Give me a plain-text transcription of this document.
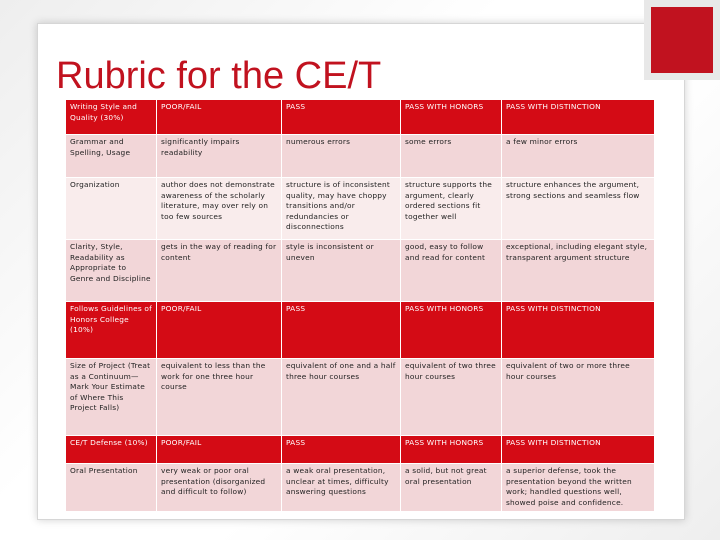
Rubric for the CE/T
Writing Style and Quality (30%)	POOR/FAIL	PASS	PASS WITH HONORS	PASS WITH DISTINCTION
Grammar and Spelling, Usage	significantly impairs readability	numerous errors	some errors	a few minor errors
Organization	author does not demonstrate awareness of the scholarly literature, may over rely on too few sources	structure is of inconsistent quality, may have choppy transitions and/or redundancies or disconnections	structure supports the argument, clearly ordered sections fit together well	structure enhances the argument, strong sections and seamless flow
Clarity, Style, Readability as Appropriate to Genre and Discipline	gets in the way of reading for content	style is inconsistent or uneven	good, easy to follow and read for content	exceptional, including elegant style, transparent argument structure
Follows Guidelines of Honors College (10%)	POOR/FAIL	PASS	PASS WITH HONORS	PASS WITH DISTINCTION
Size of Project (Treat as a Continuum—Mark Your Estimate of Where This Project Falls)	equivalent to less than the work for one three hour course	equivalent of one and a half three hour courses	equivalent of two three hour courses	equivalent of two or more three hour courses
CE/T Defense (10%)	POOR/FAIL	PASS	PASS WITH HONORS	PASS WITH DISTINCTION
Oral Presentation	very weak or poor oral presentation (disorganized and difficult to follow)	a weak oral presentation, unclear at times, difficulty answering questions	a solid, but not great oral presentation	a superior defense, took the presentation beyond the written work; handled questions well, showed poise and confidence.
